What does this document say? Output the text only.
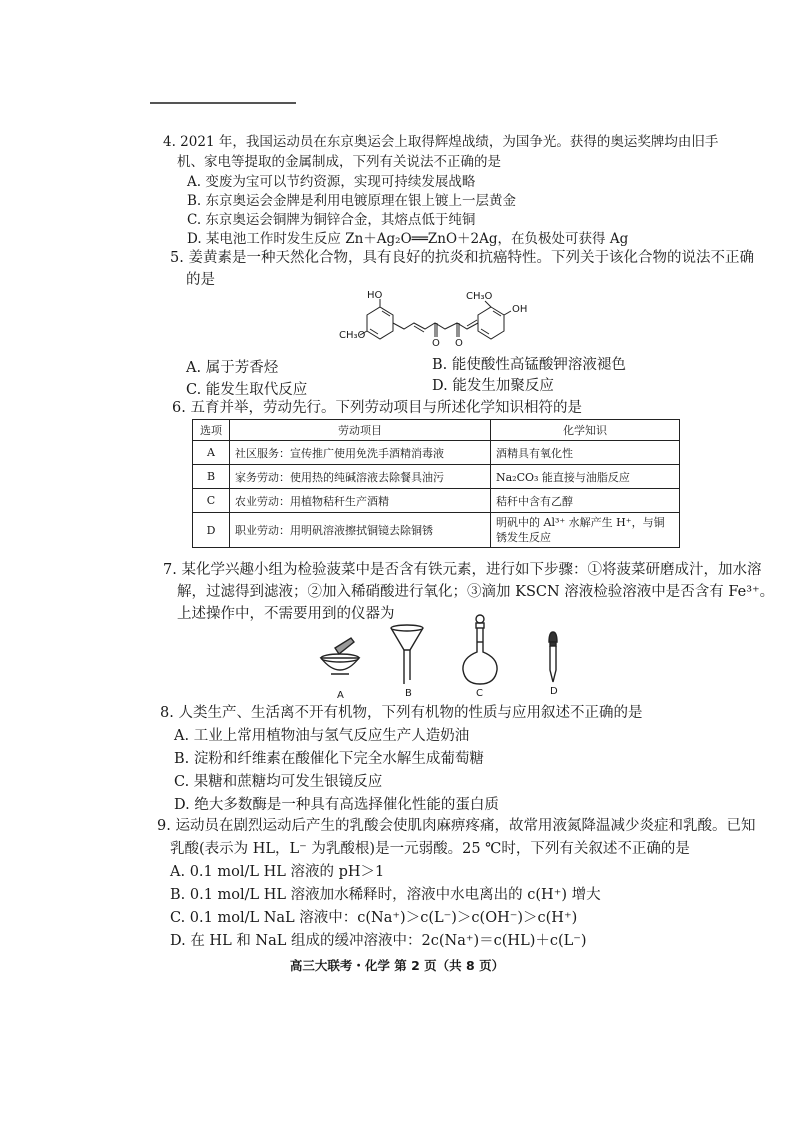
4. 2021 年，我国运动员在东京奥运会上取得辉煌战绩，为国争光。获得的奥运奖牌均由旧手
机、家电等提取的金属制成，下列有关说法不正确的是
A. 变废为宝可以节约资源，实现可持续发展战略
B. 东京奥运会金牌是利用电镀原理在银上镀上一层黄金
C. 东京奥运会铜牌为铜锌合金，其熔点低于纯铜
D. 某电池工作时发生反应 Zn＋Ag₂O══ZnO＋2Ag，在负极处可获得 Ag
5. 姜黄素是一种天然化合物，具有良好的抗炎和抗癌特性。下列关于该化合物的说法不正确
的是
HO
CH₃O
O O
CH₃O
OH
A. 属于芳香烃	B. 能使酸性高锰酸钾溶液褪色
C. 能发生取代反应	D. 能发生加聚反应
6. 五育并举，劳动先行。下列劳动项目与所述化学知识相符的是
选项	劳动项目	化学知识
A	社区服务：宣传推广使用免洗手酒精消毒液	酒精具有氧化性
B	家务劳动：使用热的纯碱溶液去除餐具油污	Na₂CO₃ 能直接与油脂反应
C	农业劳动：用植物秸秆生产酒精	秸秆中含有乙醇
D	职业劳动：用明矾溶液擦拭铜镜去除铜锈	明矾中的 Al³⁺ 水解产生 H⁺，与铜锈发生反应
7. 某化学兴趣小组为检验菠菜中是否含有铁元素，进行如下步骤：①将菠菜研磨成汁，加水溶
解，过滤得到滤液；②加入稀硝酸进行氧化；③滴加 KSCN 溶液检验溶液中是否含有 Fe³⁺。
上述操作中，不需要用到的仪器为
A	B	C	D
8. 人类生产、生活离不开有机物，下列有机物的性质与应用叙述不正确的是
A. 工业上常用植物油与氢气反应生产人造奶油
B. 淀粉和纤维素在酸催化下完全水解生成葡萄糖
C. 果糖和蔗糖均可发生银镜反应
D. 绝大多数酶是一种具有高选择催化性能的蛋白质
9. 运动员在剧烈运动后产生的乳酸会使肌肉麻痹疼痛，故常用液氮降温减少炎症和乳酸。已知
乳酸(表示为 HL，L⁻ 为乳酸根)是一元弱酸。25 ℃时，下列有关叙述不正确的是
A. 0.1 mol/L HL 溶液的 pH＞1
B. 0.1 mol/L HL 溶液加水稀释时，溶液中水电离出的 c(H⁺) 增大
C. 0.1 mol/L NaL 溶液中：c(Na⁺)＞c(L⁻)＞c(OH⁻)＞c(H⁺)
D. 在 HL 和 NaL 组成的缓冲溶液中：2c(Na⁺)＝c(HL)＋c(L⁻)
高三大联考・化学 第 2 页（共 8 页）
